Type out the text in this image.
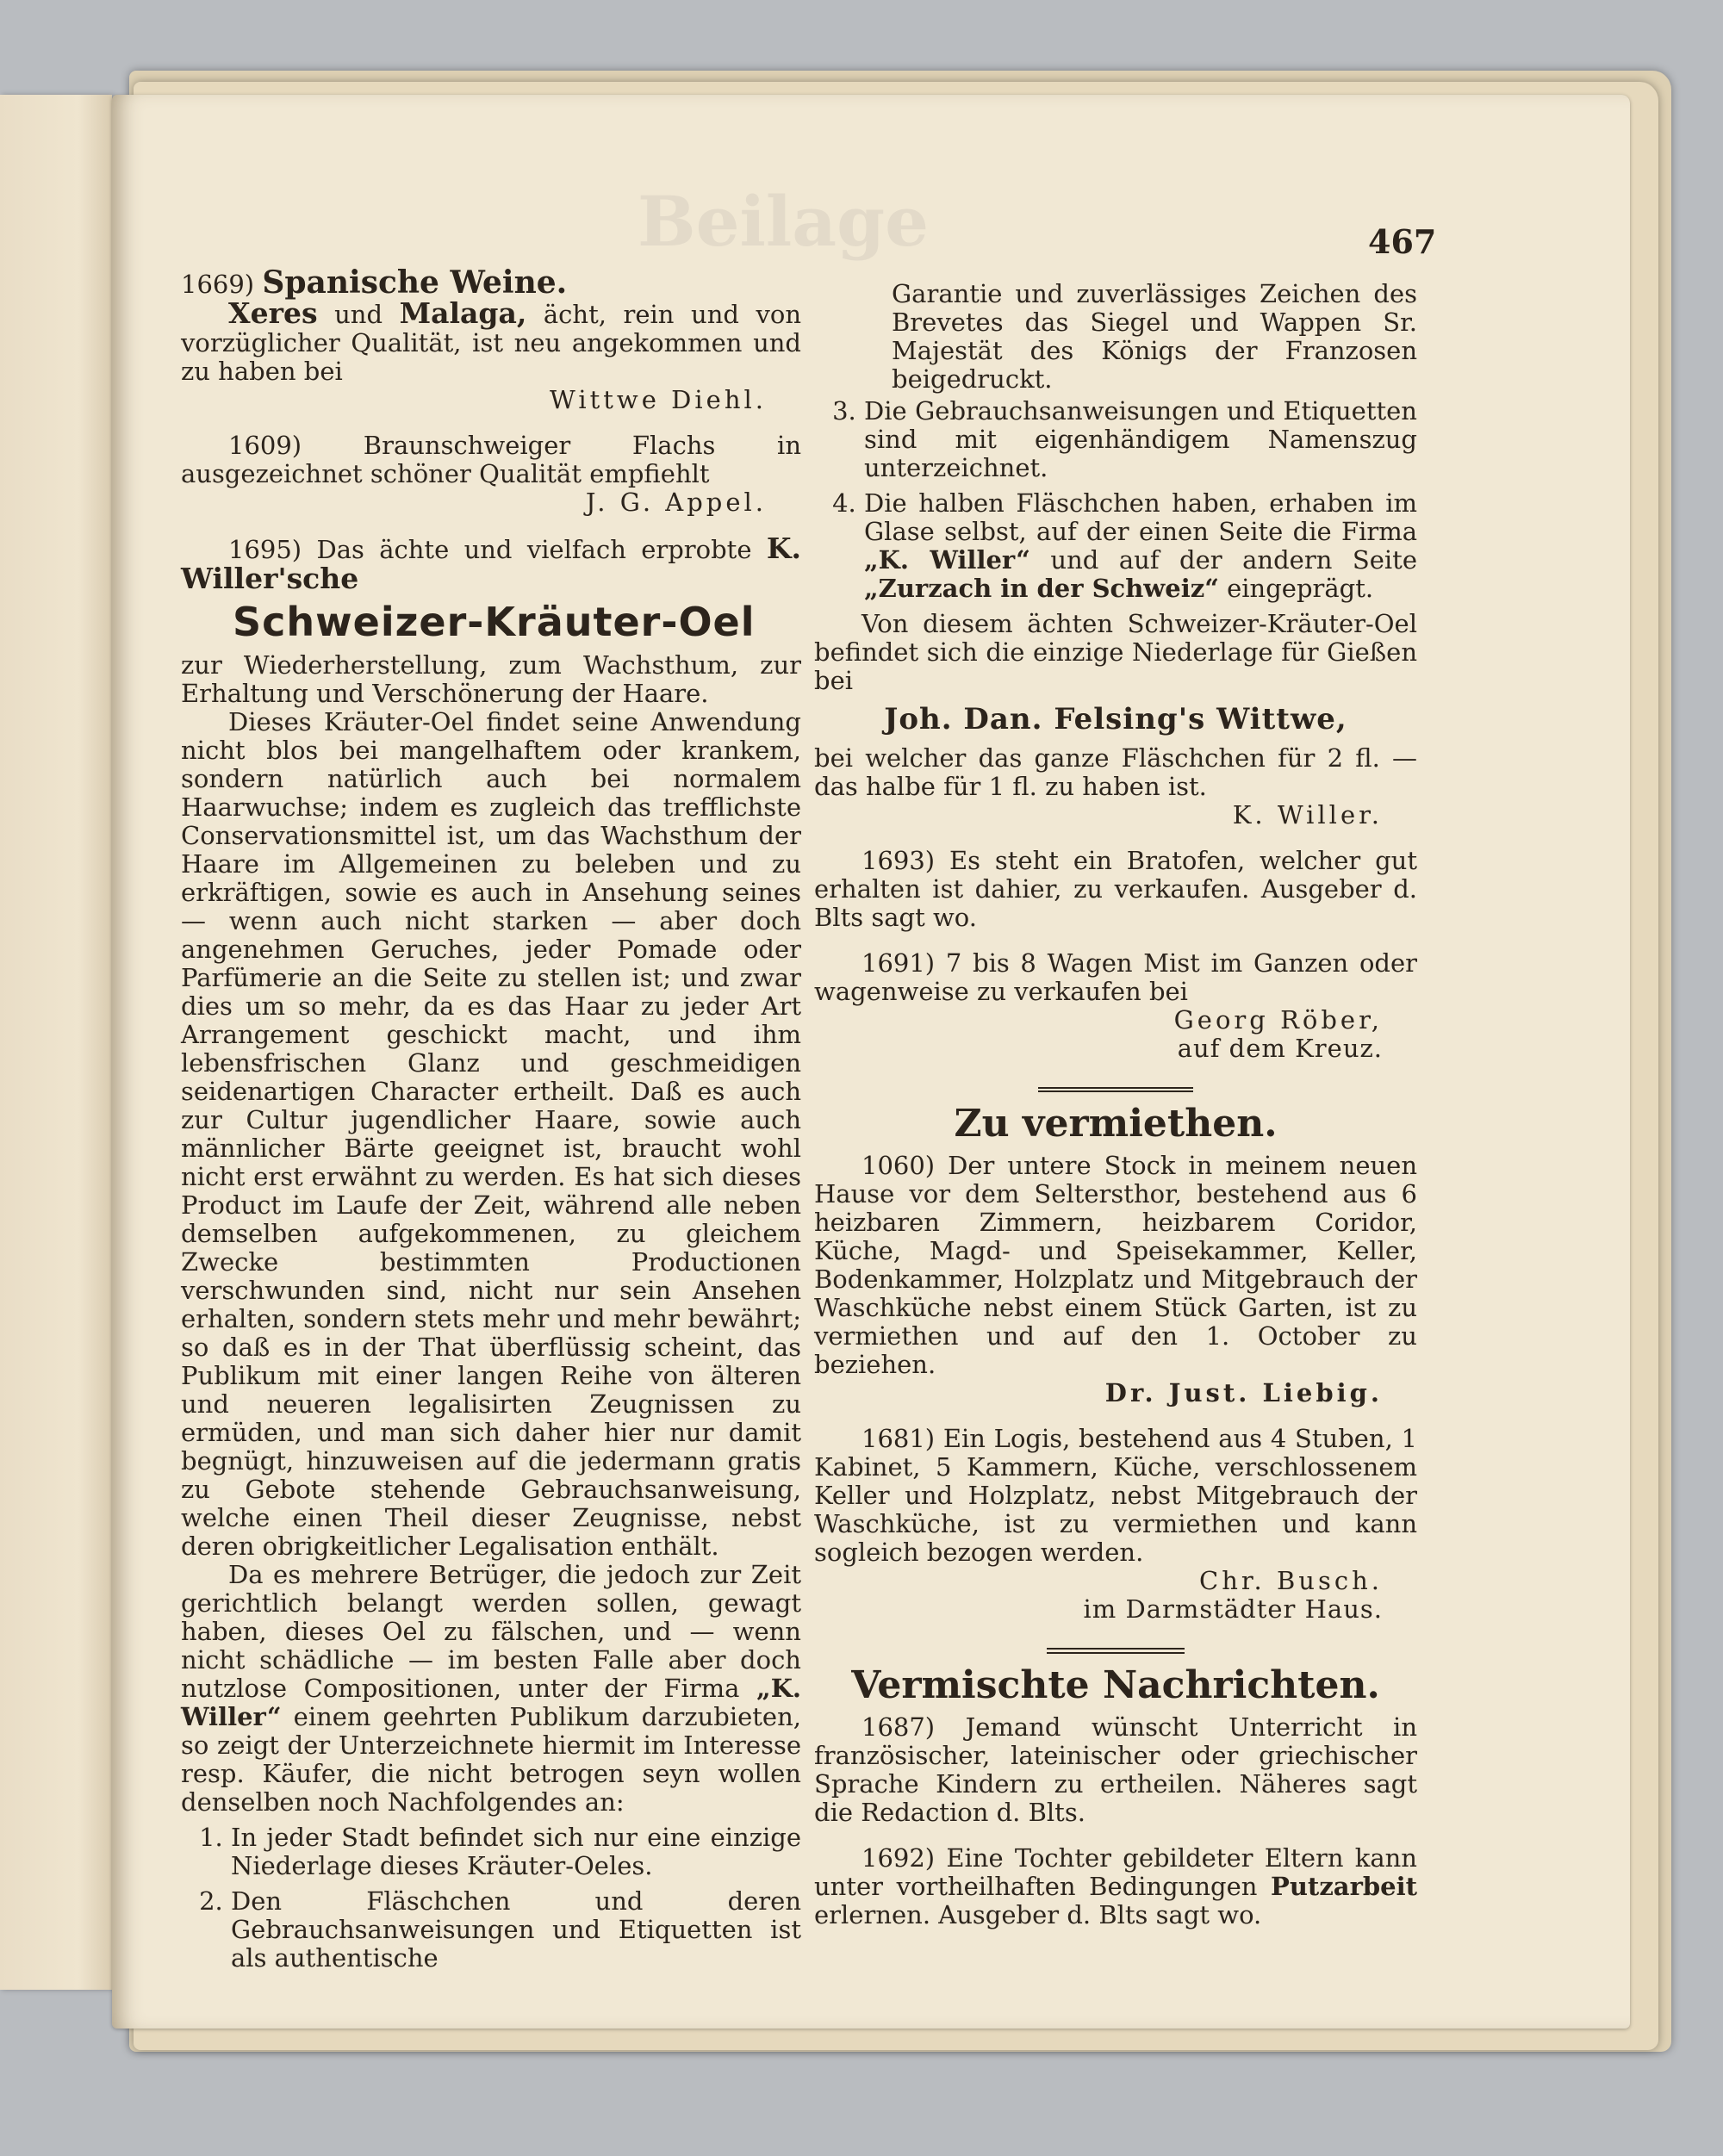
Beilage	467

1669) Spanische Weine.

Xeres und Malaga, ächt, rein und von vorzüglicher Qualität, ist neu angekommen und zu haben bei

Wittwe Diehl.

1609) Braunschweiger Flachs in ausgezeichnet schöner Qualität empfiehlt

J. G. Appel.

1695) Das ächte und vielfach erprobte K. Willer'sche

Schweizer-Kräuter-Oel

zur Wiederherstellung, zum Wachsthum, zur Erhaltung und Verschönerung der Haare.

Dieses Kräuter-Oel findet seine Anwendung nicht blos bei mangelhaftem oder krankem, sondern natürlich auch bei normalem Haarwuchse; indem es zugleich das trefflichste Conservationsmittel ist, um das Wachsthum der Haare im Allgemeinen zu beleben und zu erkräftigen, sowie es auch in Ansehung seines — wenn auch nicht starken — aber doch angenehmen Geruches, jeder Pomade oder Parfümerie an die Seite zu stellen ist; und zwar dies um so mehr, da es das Haar zu jeder Art Arrangement geschickt macht, und ihm lebensfrischen Glanz und geschmeidigen seidenartigen Character ertheilt. Daß es auch zur Cultur jugendlicher Haare, sowie auch männlicher Bärte geeignet ist, braucht wohl nicht erst erwähnt zu werden. Es hat sich dieses Product im Laufe der Zeit, während alle neben demselben aufgekommenen, zu gleichem Zwecke bestimmten Productionen verschwunden sind, nicht nur sein Ansehen erhalten, sondern stets mehr und mehr bewährt; so daß es in der That überflüssig scheint, das Publikum mit einer langen Reihe von älteren und neueren legalisirten Zeugnissen zu ermüden, und man sich daher hier nur damit begnügt, hinzuweisen auf die jedermann gratis zu Gebote stehende Gebrauchsanweisung, welche einen Theil dieser Zeugnisse, nebst deren obrigkeitlicher Legalisation enthält.

Da es mehrere Betrüger, die jedoch zur Zeit gerichtlich belangt werden sollen, gewagt haben, dieses Oel zu fälschen, und — wenn nicht schädliche — im besten Falle aber doch nutzlose Compositionen, unter der Firma „K. Willer“ einem geehrten Publikum darzubieten, so zeigt der Unterzeichnete hiermit im Interesse resp. Käufer, die nicht betrogen seyn wollen denselben noch Nachfolgendes an:

1. In jeder Stadt befindet sich nur eine einzige Niederlage dieses Kräuter-Oeles.
2. Den Fläschchen und deren Gebrauchsanweisungen und Etiquetten ist als authentische

Garantie und zuverlässiges Zeichen des Brevetes das Siegel und Wappen Sr. Majestät des Königs der Franzosen beigedruckt.

3. Die Gebrauchsanweisungen und Etiquetten sind mit eigenhändigem Namenszug unterzeichnet.
4. Die halben Fläschchen haben, erhaben im Glase selbst, auf der einen Seite die Firma „K. Willer“ und auf der andern Seite „Zurzach in der Schweiz“ eingeprägt.

Von diesem ächten Schweizer-Kräuter-Oel befindet sich die einzige Niederlage für Gießen bei

Joh. Dan. Felsing's Wittwe,

bei welcher das ganze Fläschchen für 2 fl. — das halbe für 1 fl. zu haben ist.

K. Willer.

1693) Es steht ein Bratofen, welcher gut erhalten ist dahier, zu verkaufen. Ausgeber d. Blts sagt wo.

1691) 7 bis 8 Wagen Mist im Ganzen oder wagenweise zu verkaufen bei

Georg Röber,

auf dem Kreuz.

Zu vermiethen.

1060) Der untere Stock in meinem neuen Hause vor dem Seltersthor, bestehend aus 6 heizbaren Zimmern, heizbarem Coridor, Küche, Magd- und Speisekammer, Keller, Bodenkammer, Holzplatz und Mitgebrauch der Waschküche nebst einem Stück Garten, ist zu vermiethen und auf den 1. October zu beziehen.

Dr. Just. Liebig.

1681) Ein Logis, bestehend aus 4 Stuben, 1 Kabinet, 5 Kammern, Küche, verschlossenem Keller und Holzplatz, nebst Mitgebrauch der Waschküche, ist zu vermiethen und kann sogleich bezogen werden.

Chr. Busch.

im Darmstädter Haus.

Vermischte Nachrichten.

1687) Jemand wünscht Unterricht in französischer, lateinischer oder griechischer Sprache Kindern zu ertheilen. Näheres sagt die Redaction d. Blts.

1692) Eine Tochter gebildeter Eltern kann unter vortheilhaften Bedingungen Putzarbeit erlernen. Ausgeber d. Blts sagt wo.
